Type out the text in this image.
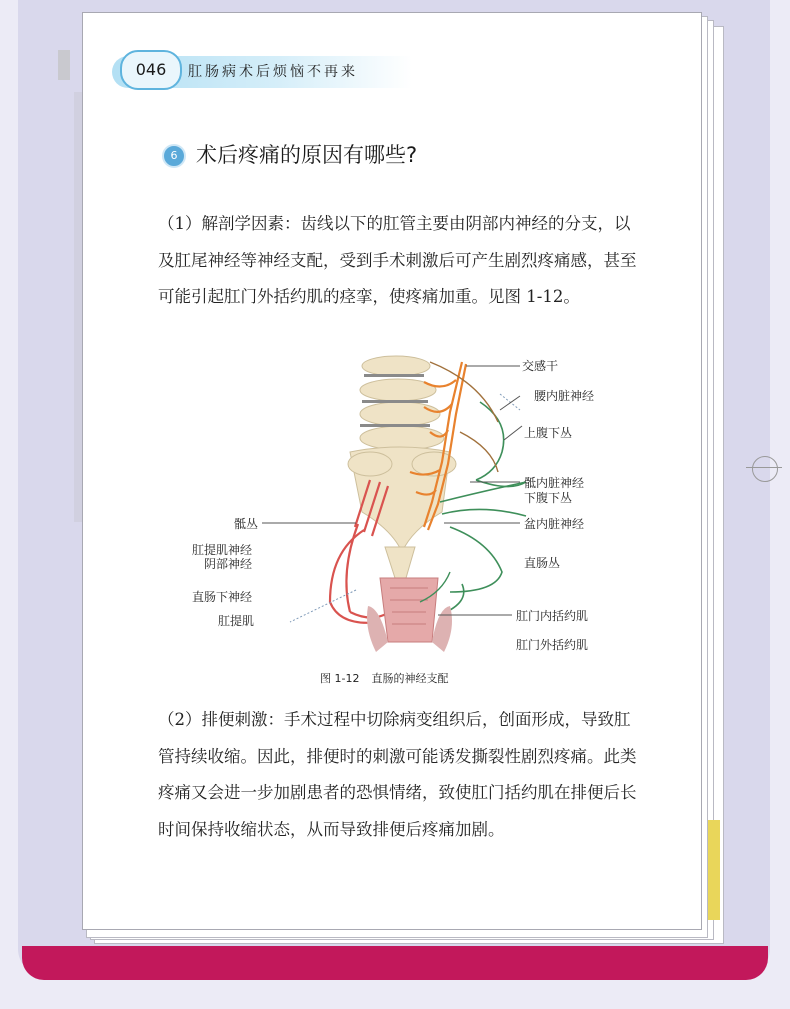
046	肛肠病术后烦恼不再来
6 术后疼痛的原因有哪些?

（1）解剖学因素：齿线以下的肛管主要由阴部内神经的分支，以及肛尾神经等神经支配，受到手术刺激后可产生剧烈疼痛感，甚至可能引起肛门外括约肌的痉挛，使疼痛加重。见图 1-12。

交感干
腰内脏神经
上腹下丛
骶内脏神经
下腹下丛
盆内脏神经
直肠丛
肛门内括约肌
肛门外括约肌
骶丛
肛提肌神经
阴部神经
直肠下神经
肛提肌
图 1-12 直肠的神经支配

（2）排便刺激：手术过程中切除病变组织后，创面形成，导致肛管持续收缩。因此，排便时的刺激可能诱发撕裂性剧烈疼痛。此类疼痛又会进一步加剧患者的恐惧情绪，致使肛门括约肌在排便后长时间保持收缩状态，从而导致排便后疼痛加剧。
